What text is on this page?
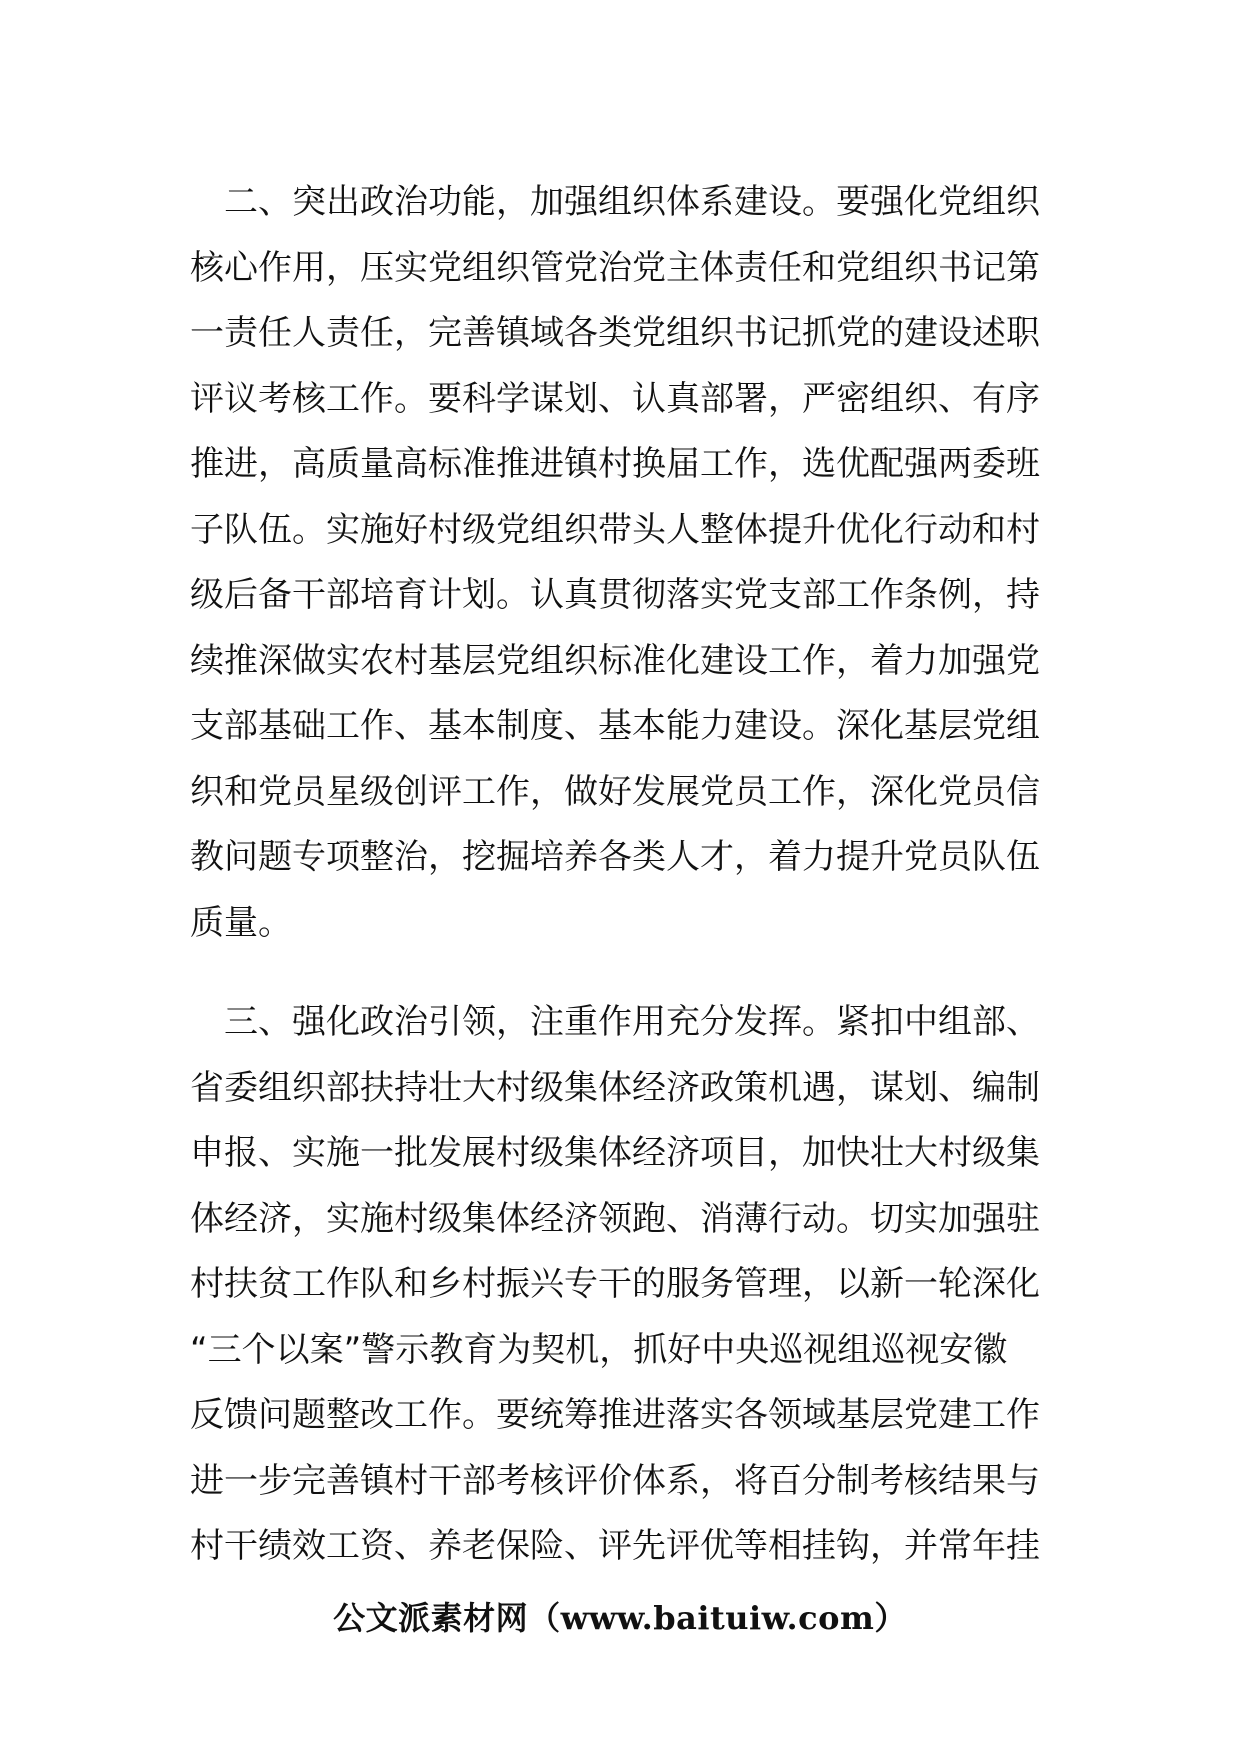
　二、突出政治功能，加强组织体系建设。要强化党组织
核心作用，压实党组织管党治党主体责任和党组织书记第
一责任人责任，完善镇域各类党组织书记抓党的建设述职
评议考核工作。要科学谋划、认真部署，严密组织、有序
推进，高质量高标准推进镇村换届工作，选优配强两委班
子队伍。实施好村级党组织带头人整体提升优化行动和村
级后备干部培育计划。认真贯彻落实党支部工作条例，持
续推深做实农村基层党组织标准化建设工作，着力加强党
支部基础工作、基本制度、基本能力建设。深化基层党组
织和党员星级创评工作，做好发展党员工作，深化党员信
教问题专项整治，挖掘培养各类人才，着力提升党员队伍
质量。
　三、强化政治引领，注重作用充分发挥。紧扣中组部、
省委组织部扶持壮大村级集体经济政策机遇，谋划、编制
申报、实施一批发展村级集体经济项目，加快壮大村级集
体经济，实施村级集体经济领跑、消薄行动。切实加强驻
村扶贫工作队和乡村振兴专干的服务管理，以新一轮深化
“三个以案”警示教育为契机，抓好中央巡视组巡视安徽
反馈问题整改工作。要统筹推进落实各领域基层党建工作
进一步完善镇村干部考核评价体系，将百分制考核结果与
村干绩效工资、养老保险、评先评优等相挂钩，并常年挂
公文派素材网（www.baituiw.com）
